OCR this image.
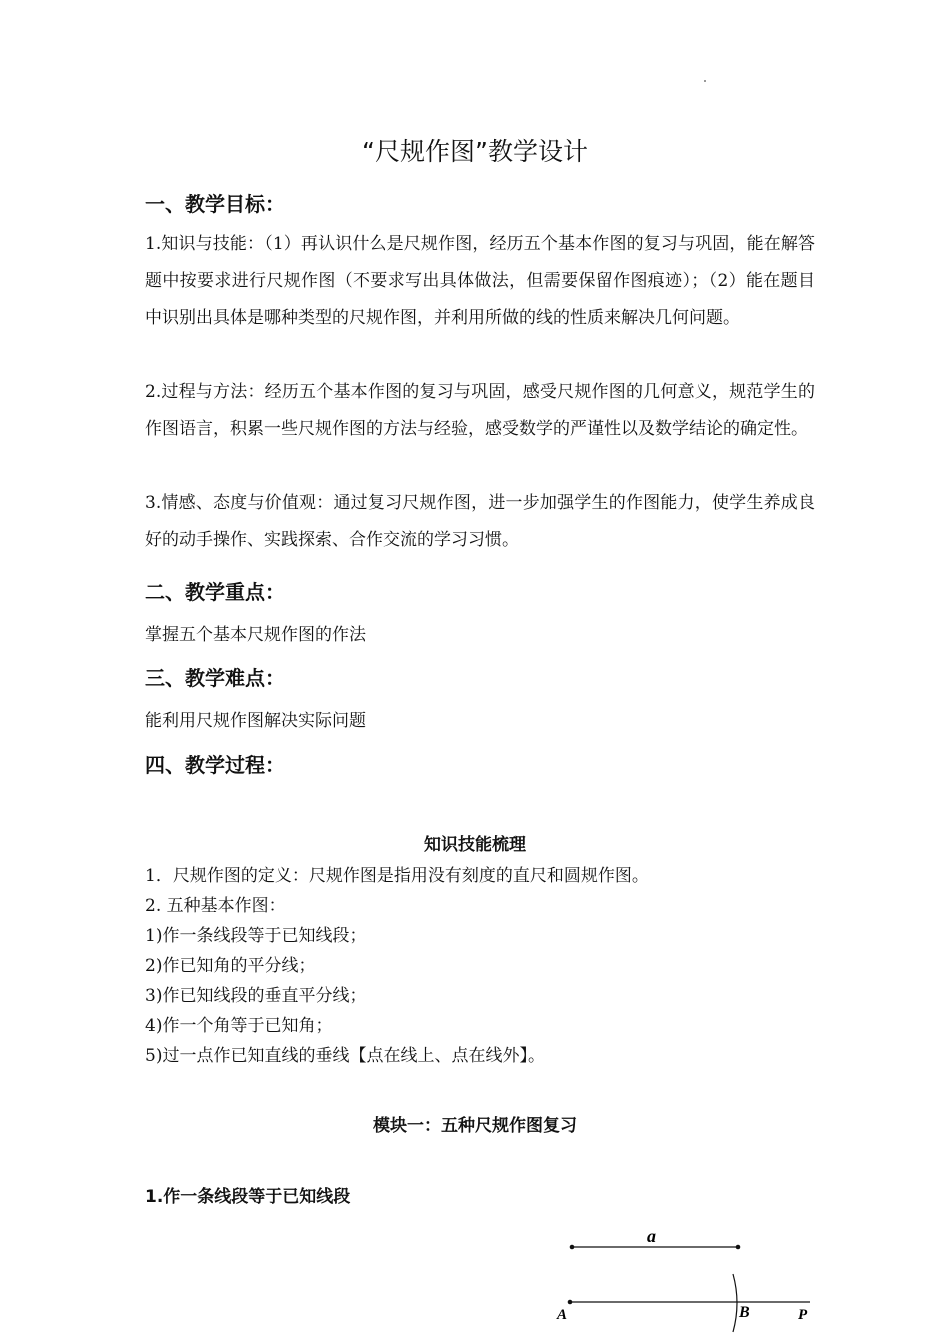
“尺规作图”教学设计
一、教学目标：
1.知识与技能：（1）再认识什么是尺规作图，经历五个基本作图的复习与巩固，能在解答题中按要求进行尺规作图（不要求写出具体做法，但需要保留作图痕迹）；（2）能在题目中识别出具体是哪种类型的尺规作图，并利用所做的线的性质来解决几何问题。
2.过程与方法：经历五个基本作图的复习与巩固，感受尺规作图的几何意义，规范学生的作图语言，积累一些尺规作图的方法与经验，感受数学的严谨性以及数学结论的确定性。
3.情感、态度与价值观：通过复习尺规作图，进一步加强学生的作图能力，使学生养成良好的动手操作、实践探索、合作交流的学习习惯。
二、教学重点：
掌握五个基本尺规作图的作法
三、教学难点：
能利用尺规作图解决实际问题
四、教学过程：
知识技能梳理
1．尺规作图的定义：尺规作图是指用没有刻度的直尺和圆规作图。
2. 五种基本作图：
1)作一条线段等于已知线段；
2)作已知角的平分线；
3)作已知线段的垂直平分线；
4)作一个角等于已知角；
5)过一点作已知直线的垂线【点在线上、点在线外】。
模块一：五种尺规作图复习
1.作一条线段等于已知线段
a
A	B	P
